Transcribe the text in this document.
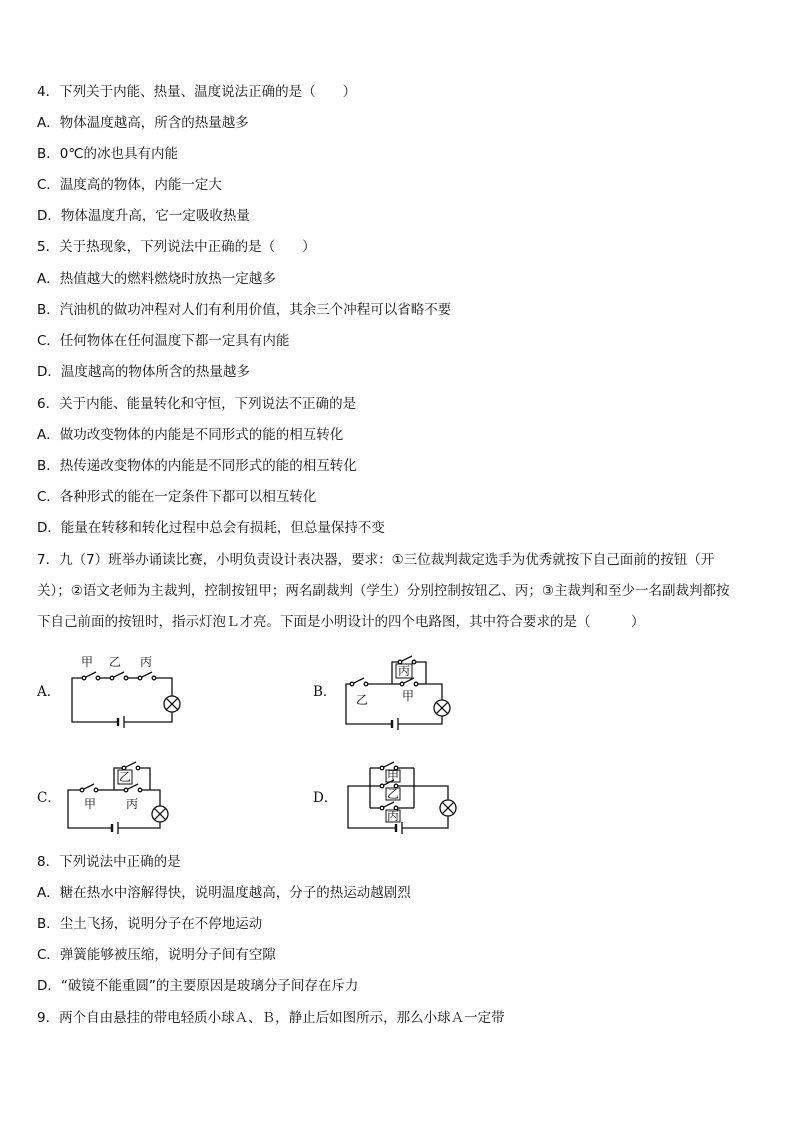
4．下列关于内能、热量、温度说法正确的是（　　）
A．物体温度越高，所含的热量越多
B．0℃的冰也具有内能
C．温度高的物体，内能一定大
D．物体温度升高，它一定吸收热量
5．关于热现象，下列说法中正确的是（　　）
A．热值越大的燃料燃烧时放热一定越多
B．汽油机的做功冲程对人们有利用价值，其余三个冲程可以省略不要
C．任何物体在任何温度下都一定具有内能
D．温度越高的物体所含的热量越多
6．关于内能、能量转化和守恒，下列说法不正确的是
A．做功改变物体的内能是不同形式的能的相互转化
B．热传递改变物体的内能是不同形式的能的相互转化
C．各种形式的能在一定条件下都可以相互转化
D．能量在转移和转化过程中总会有损耗，但总量保持不变
7．九（7）班举办诵读比赛，小明负责设计表决器，要求：①三位裁判裁定选手为优秀就按下自己面前的按钮（开
关）；②语文老师为主裁判，控制按钮甲；两名副裁判（学生）分别控制按钮乙、丙；③主裁判和至少一名副裁判都按
下自己前面的按钮时，指示灯泡Ｌ才亮。下面是小明设计的四个电路图，其中符合要求的是（　　　）
A．	B．
C．	D．
甲 乙 丙
丙
乙	甲
乙
甲 丙
甲
乙
丙
8．下列说法中正确的是
A．糖在热水中溶解得快，说明温度越高，分子的热运动越剧烈
B．尘土飞扬，说明分子在不停地运动
C．弹簧能够被压缩，说明分子间有空隙
D．“破镜不能重圆”的主要原因是玻璃分子间存在斥力
9．两个自由悬挂的带电轻质小球Ａ、Ｂ，静止后如图所示，那么小球Ａ一定带
